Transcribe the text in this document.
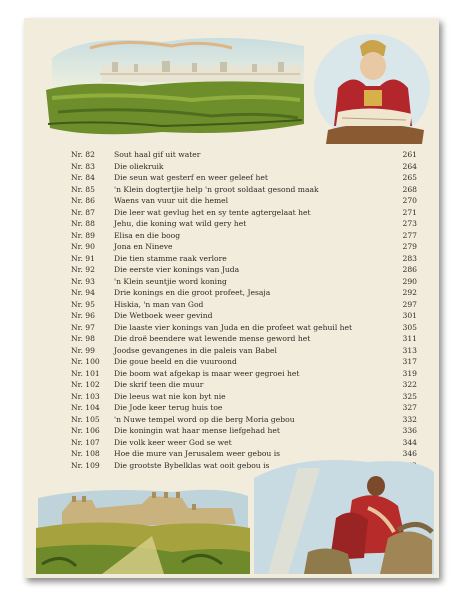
Nr. 82	Sout haal gif uit water	261
Nr. 83	Die oliekruik	264
Nr. 84	Die seun wat gesterf en weer geleef het	265
Nr. 85	'n Klein dogtertjie help 'n groot soldaat gesond maak	268
Nr. 86	Waens van vuur uit die hemel	270
Nr. 87	Die leer wat gevlug het en sy tente agtergelaat het	271
Nr. 88	Jehu, die koning wat wild gery het	273
Nr. 89	Elisa en die boog	277
Nr. 90	Jona en Nineve	279
Nr. 91	Die tien stamme raak verlore	283
Nr. 92	Die eerste vier konings van Juda	286
Nr. 93	'n Klein seuntjie word koning	290
Nr. 94	Drie konings en die groot profeet, Jesaja	292
Nr. 95	Hiskia, 'n man van God	297
Nr. 96	Die Wetboek weer gevind	301
Nr. 97	Die laaste vier konings van Juda en die profeet wat gehuil het	305
Nr. 98	Die droë beendere wat lewende mense geword het	311
Nr. 99	Joodse gevangenes in die paleis van Babel	313
Nr. 100	Die goue beeld en die vuuroond	317
Nr. 101	Die boom wat afgekap is maar weer gegroei het	319
Nr. 102	Die skrif teen die muur	322
Nr. 103	Die leeus wat nie kon byt nie	325
Nr. 104	Die Jode keer terug huis toe	327
Nr. 105	'n Nuwe tempel word op die berg Moria gebou	332
Nr. 106	Die koningin wat haar mense liefgehad het	336
Nr. 107	Die volk keer weer God se wet	344
Nr. 108	Hoe die mure van Jerusalem weer gebou is	346
Nr. 109	Die grootste Bybelklas wat ooit gebou is
